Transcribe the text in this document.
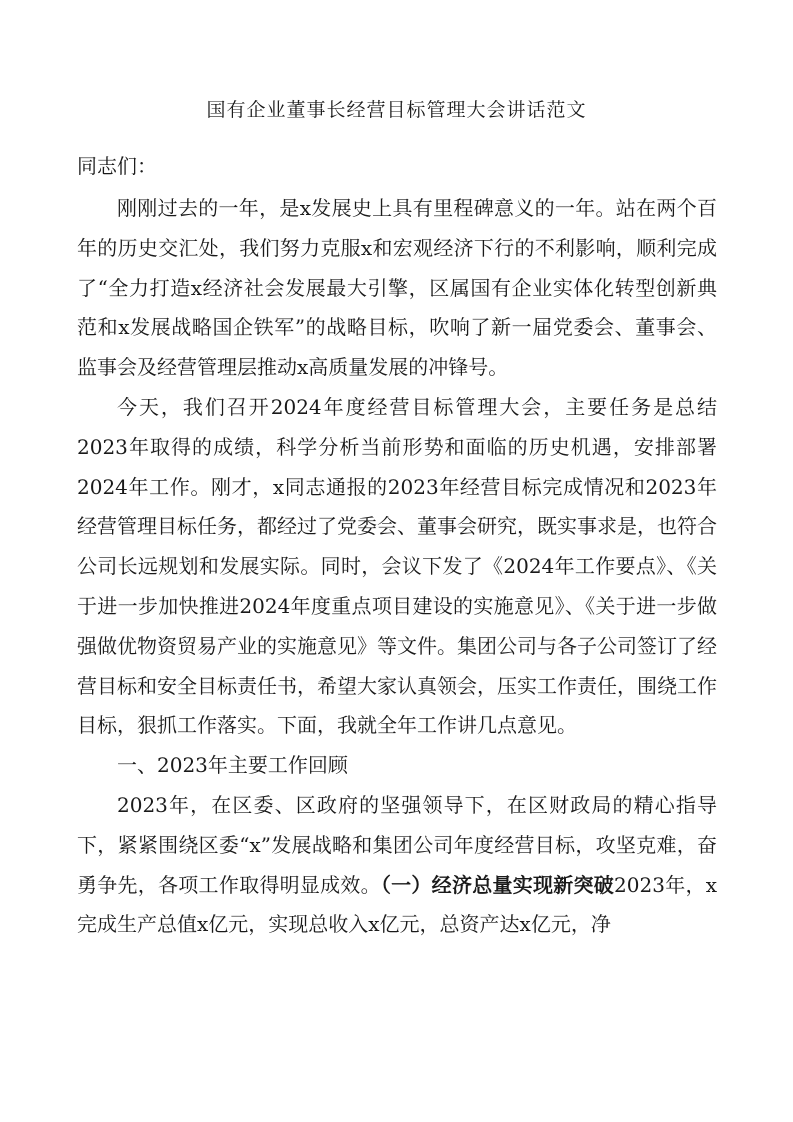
国有企业董事长经营目标管理大会讲话范文
同志们：

刚刚过去的一年，是x发展史上具有里程碑意义的一年。站在两个百年的历史交汇处，我们努力克服x和宏观经济下行的不利影响，顺利完成了“全力打造x经济社会发展最大引擎，区属国有企业实体化转型创新典范和x发展战略国企铁军”的战略目标，吹响了新一届党委会、董事会、监事会及经营管理层推动x高质量发展的冲锋号。

今天，我们召开2024年度经营目标管理大会，主要任务是总结2023年取得的成绩，科学分析当前形势和面临的历史机遇，安排部署2024年工作。刚才，x同志通报的2023年经营目标完成情况和2023年经营管理目标任务，都经过了党委会、董事会研究，既实事求是，也符合公司长远规划和发展实际。同时，会议下发了《2024年工作要点》、《关于进一步加快推进2024年度重点项目建设的实施意见》、《关于进一步做强做优物资贸易产业的实施意见》等文件。集团公司与各子公司签订了经营目标和安全目标责任书，希望大家认真领会，压实工作责任，围绕工作目标，狠抓工作落实。下面，我就全年工作讲几点意见。

一、2023年主要工作回顾

2023年，在区委、区政府的坚强领导下，在区财政局的精心指导下，紧紧围绕区委“x”发展战略和集团公司年度经营目标，攻坚克难，奋勇争先，各项工作取得明显成效。（一）经济总量实现新突破2023年，x完成生产总值x亿元，实现总收入x亿元，总资产达x亿元，净
